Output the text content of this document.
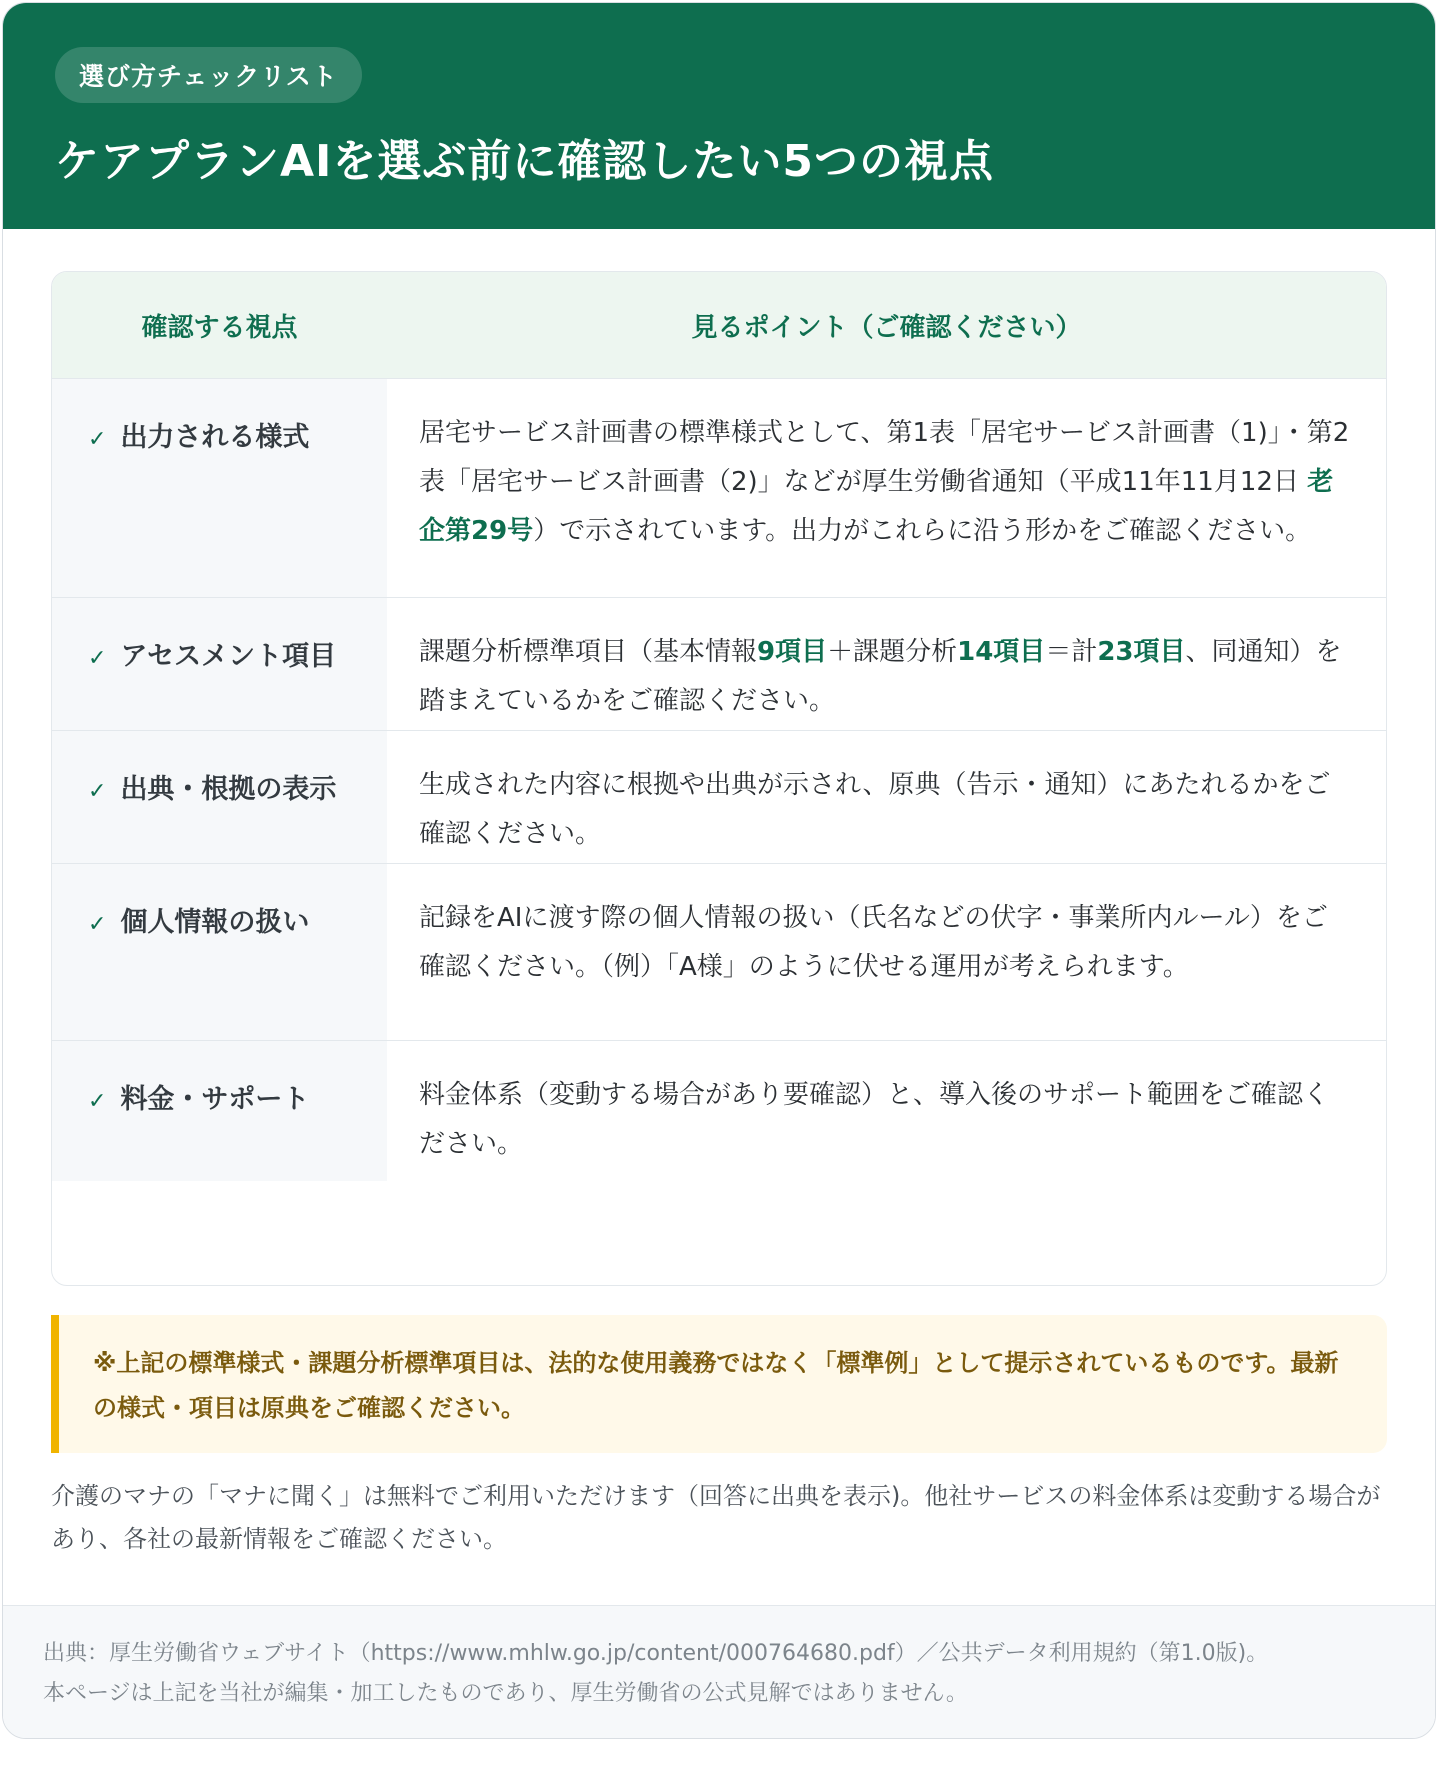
選び方チェックリスト
ケアプランAIを選ぶ前に確認したい5つの視点
確認する視点	見るポイント（ご確認ください）
✓ 出力される様式	居宅サービス計画書の標準様式として、第1表「居宅サービス計画書（1)」・第2表「居宅サービス計画書（2)」などが厚生労働省通知（平成11年11月12日 老企第29号）で示されています。出力がこれらに沿う形かをご確認ください。
✓ アセスメント項目	課題分析標準項目（基本情報9項目＋課題分析14項目＝計23項目、同通知）を踏まえているかをご確認ください。
✓ 出典・根拠の表示	生成された内容に根拠や出典が示され、原典（告示・通知）にあたれるかをご確認ください。
✓ 個人情報の扱い	記録をAIに渡す際の個人情報の扱い（氏名などの伏字・事業所内ルール）をご確認ください。（例）「A様」のように伏せる運用が考えられます。
✓ 料金・サポート	料金体系（変動する場合があり要確認）と、導入後のサポート範囲をご確認ください。
※上記の標準様式・課題分析標準項目は、法的な使用義務ではなく「標準例」として提示されているものです。最新の様式・項目は原典をご確認ください。
介護のマナの「マナに聞く」は無料でご利用いただけます（回答に出典を表示)。他社サービスの料金体系は変動する場合があり、各社の最新情報をご確認ください。
出典：厚生労働省ウェブサイト（https://www.mhlw.go.jp/content/000764680.pdf）／公共データ利用規約（第1.0版)。
本ページは上記を当社が編集・加工したものであり、厚生労働省の公式見解ではありません。
